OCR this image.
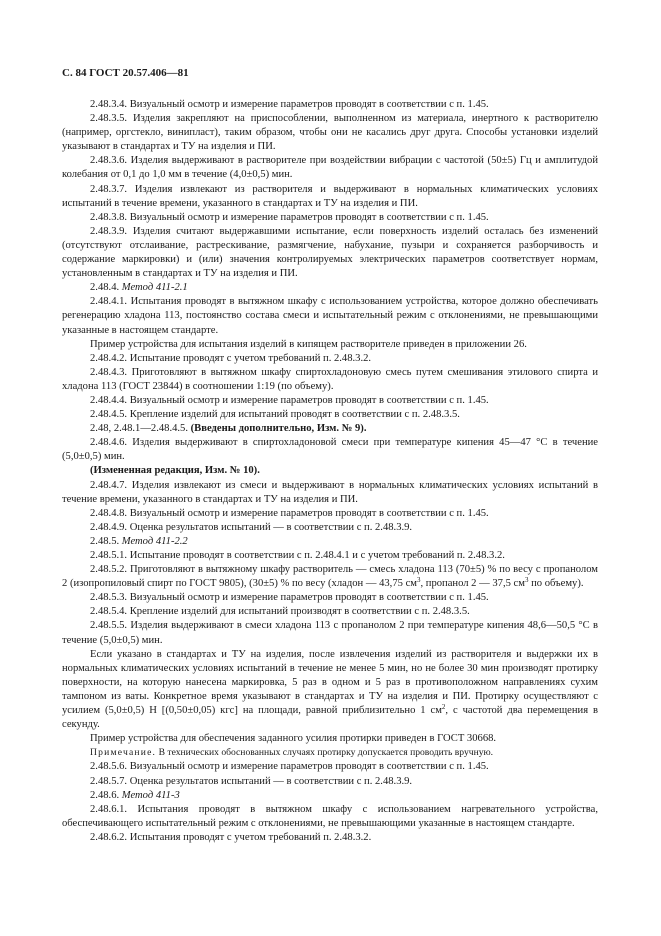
С. 84 ГОСТ 20.57.406—81

2.48.3.4. Визуальный осмотр и измерение параметров проводят в соответствии с п. 1.45.

2.48.3.5. Изделия закрепляют на приспособлении, выполненном из материала, инертного к растворителю (например, оргстекло, винипласт), таким образом, чтобы они не касались друг друга. Способы установки изделий указывают в стандартах и ТУ на изделия и ПИ.

2.48.3.6. Изделия выдерживают в растворителе при воздействии вибрации с частотой (50±5) Гц и амплитудой колебания от 0,1 до 1,0 мм в течение (4,0±0,5) мин.

2.48.3.7. Изделия извлекают из растворителя и выдерживают в нормальных климатических условиях испытаний в течение времени, указанного в стандартах и ТУ на изделия и ПИ.

2.48.3.8. Визуальный осмотр и измерение параметров проводят в соответствии с п. 1.45.

2.48.3.9. Изделия считают выдержавшими испытание, если поверхность изделий осталась без изменений (отсутствуют отслаивание, растрескивание, размягчение, набухание, пузыри и сохраняется разборчивость и содержание маркировки) и (или) значения контролируемых электрических параметров соответствует нормам, установленным в стандартах и ТУ на изделия и ПИ.

2.48.4. Метод 411-2.1

2.48.4.1. Испытания проводят в вытяжном шкафу с использованием устройства, которое должно обеспечивать регенерацию хладона 113, постоянство состава смеси и испытательный режим с отклонениями, не превышающими указанные в настоящем стандарте.

Пример устройства для испытания изделий в кипящем растворителе приведен в приложении 26.

2.48.4.2. Испытание проводят с учетом требований п. 2.48.3.2.

2.48.4.3. Приготовляют в вытяжном шкафу спиртохладоновую смесь путем смешивания этилового спирта и хладона 113 (ГОСТ 23844) в соотношении 1:19 (по объему).

2.48.4.4. Визуальный осмотр и измерение параметров проводят в соответствии с п. 1.45.

2.48.4.5. Крепление изделий для испытаний проводят в соответствии с п. 2.48.3.5.

2.48, 2.48.1—2.48.4.5. (Введены дополнительно, Изм. № 9).

2.48.4.6. Изделия выдерживают в спиртохладоновой смеси при температуре кипения 45—47 °С в течение (5,0±0,5) мин.

(Измененная редакция, Изм. № 10).

2.48.4.7. Изделия извлекают из смеси и выдерживают в нормальных климатических условиях испытаний в течение времени, указанного в стандартах и ТУ на изделия и ПИ.

2.48.4.8. Визуальный осмотр и измерение параметров проводят в соответствии с п. 1.45.

2.48.4.9. Оценка результатов испытаний — в соответствии с п. 2.48.3.9.

2.48.5. Метод 411-2.2

2.48.5.1. Испытание проводят в соответствии с п. 2.48.4.1 и с учетом требований п. 2.48.3.2.

2.48.5.2. Приготовляют в вытяжному шкафу растворитель — смесь хладона 113 (70±5) % по весу с пропанолом 2 (изопропиловый спирт по ГОСТ 9805), (30±5) % по весу (хладон — 43,75 $см^3$, пропанол 2 — 37,5 $см^3$ по объему).

2.48.5.3. Визуальный осмотр и измерение параметров проводят в соответствии с п. 1.45.

2.48.5.4. Крепление изделий для испытаний производят в соответствии с п. 2.48.3.5.

2.48.5.5. Изделия выдерживают в смеси хладона 113 с пропанолом 2 при температуре кипения 48,6—50,5 °С в течение (5,0±0,5) мин.

Если указано в стандартах и ТУ на изделия, после извлечения изделий из растворителя и выдержки их в нормальных климатических условиях испытаний в течение не менее 5 мин, но не более 30 мин производят протирку поверхности, на которую нанесена маркировка, 5 раз в одном и 5 раз в противоположном направлениях сухим тампоном из ваты. Конкретное время указывают в стандартах и ТУ на изделия и ПИ. Протирку осуществляют с усилием (5,0±0,5) Н [(0,50±0,05) кгс] на площади, равной приблизительно 1 $см^2$, с частотой два перемещения в секунду.

Пример устройства для обеспечения заданного усилия протирки приведен в ГОСТ 30668.

Примечание. В технических обоснованных случаях протирку допускается проводить вручную.

2.48.5.6. Визуальный осмотр и измерение параметров проводят в соответствии с п. 1.45.

2.48.5.7. Оценка результатов испытаний — в соответствии с п. 2.48.3.9.

2.48.6. Метод 411-3

2.48.6.1. Испытания проводят в вытяжном шкафу с использованием нагревательного устройства, обеспечивающего испытательный режим с отклонениями, не превышающими указанные в настоящем стандарте.

2.48.6.2. Испытания проводят с учетом требований п. 2.48.3.2.
